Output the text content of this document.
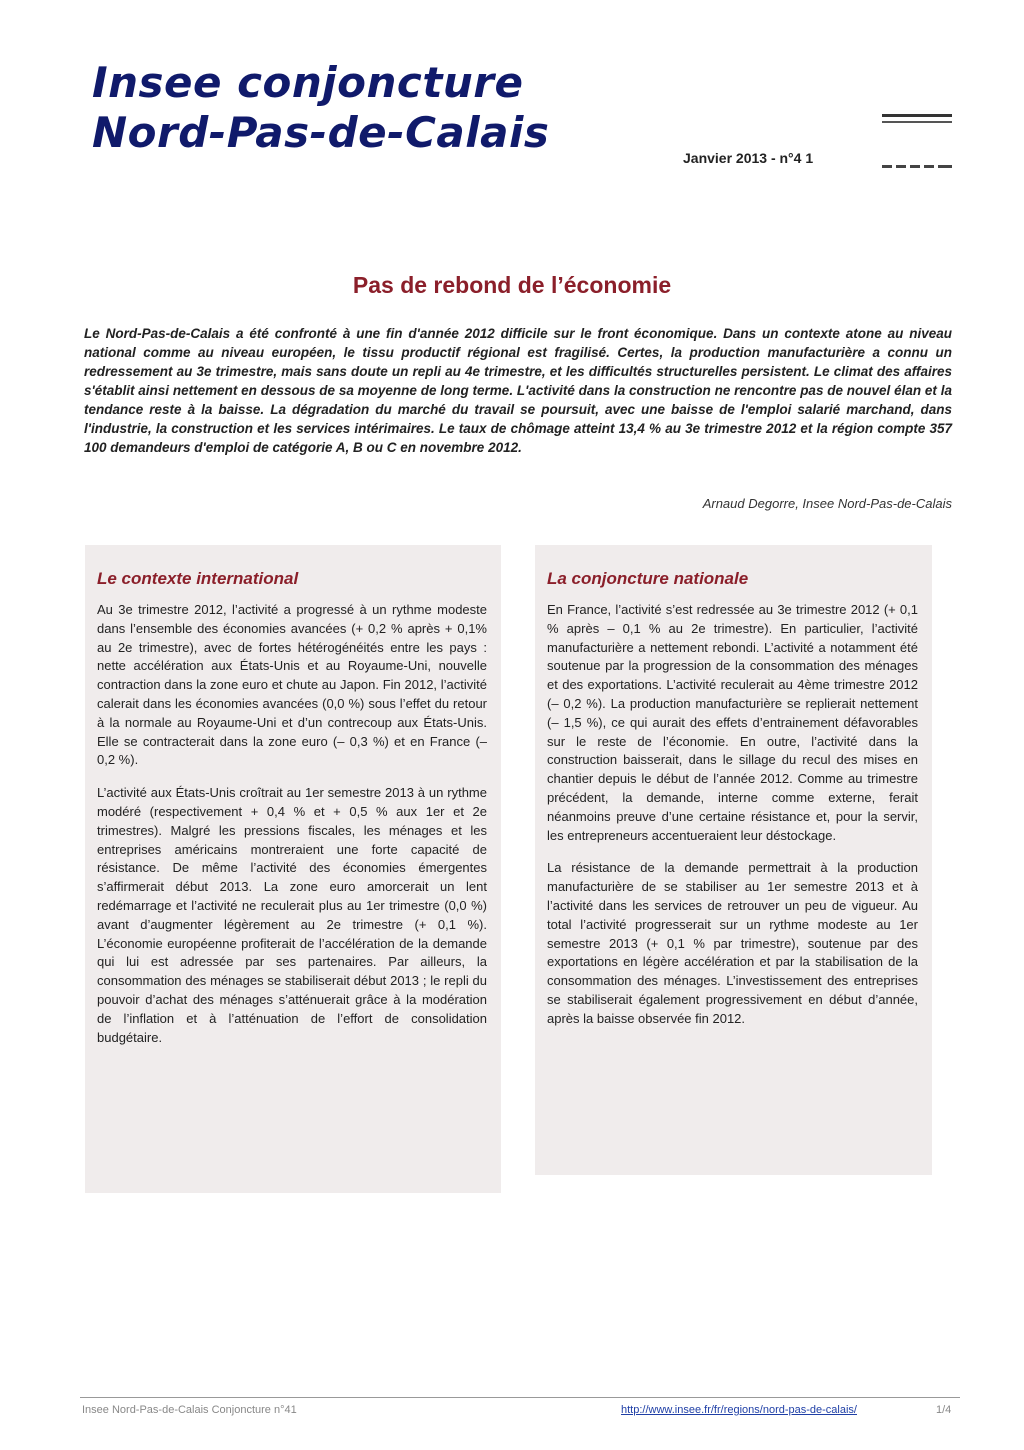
Insee conjoncture
Nord-Pas-de-Calais
Janvier 2013 - n°4 1
Pas de rebond de l’économie
Le Nord-Pas-de-Calais a été confronté à une fin d'année 2012 difficile sur le front économique. Dans un contexte atone au niveau national comme au niveau européen, le tissu productif régional est fragilisé. Certes, la production manufacturière a connu un redressement au 3e trimestre, mais sans doute un repli au 4e trimestre, et les difficultés structurelles persistent. Le climat des affaires s'établit ainsi nettement en dessous de sa moyenne de long terme. L'activité dans la construction ne rencontre pas de nouvel élan et la tendance reste à la baisse. La dégradation du marché du travail se poursuit, avec une baisse de l'emploi salarié marchand, dans l'industrie, la construction et les services intérimaires. Le taux de chômage atteint 13,4 % au 3e trimestre 2012 et la région compte 357 100 demandeurs d'emploi de catégorie A, B ou C en novembre 2012.
Arnaud Degorre, Insee Nord-Pas-de-Calais
Le contexte international

Au 3e trimestre 2012, l’activité a progressé à un rythme modeste dans l’ensemble des économies avancées (+ 0,2 % après + 0,1% au 2e trimestre), avec de fortes hétérogénéités entre les pays : nette accélération aux États-Unis et au Royaume-Uni, nouvelle contraction dans la zone euro et chute au Japon. Fin 2012, l’activité calerait dans les économies avancées (0,0 %) sous l’effet du retour à la normale au Royaume-Uni et d’un contrecoup aux États-Unis. Elle se contracterait dans la zone euro (– 0,3 %) et en France (– 0,2 %).

L’activité aux États-Unis croîtrait au 1er semestre 2013 à un rythme modéré (respectivement + 0,4 % et + 0,5 % aux 1er et 2e trimestres). Malgré les pressions fiscales, les ménages et les entreprises américains montreraient une forte capacité de résistance. De même l’activité des économies émergentes s’affirmerait début 2013. La zone euro amorcerait un lent redémarrage et l’activité ne reculerait plus au 1er trimestre (0,0 %) avant d’augmenter légèrement au 2e trimestre (+ 0,1 %). L’économie européenne profiterait de l’accélération de la demande qui lui est adressée par ses partenaires. Par ailleurs, la consommation des ménages se stabiliserait début 2013 ; le repli du pouvoir d’achat des ménages s’atténuerait grâce à la modération de l’inflation et à l’atténuation de l’effort de consolidation budgétaire.

La conjoncture nationale

En France, l’activité s’est redressée au 3e trimestre 2012 (+ 0,1 % après – 0,1 % au 2e trimestre). En particulier, l’activité manufacturière a nettement rebondi. L’activité a notamment été soutenue par la progression de la consommation des ménages et des exportations. L’activité reculerait au 4ème trimestre 2012 (– 0,2 %). La production manufacturière se replierait nettement (– 1,5 %), ce qui aurait des effets d’entrainement défavorables sur le reste de l’économie. En outre, l’activité dans la construction baisserait, dans le sillage du recul des mises en chantier depuis le début de l’année 2012. Comme au trimestre précédent, la demande, interne comme externe, ferait néanmoins preuve d’une certaine résistance et, pour la servir, les entrepreneurs accentueraient leur déstockage.

La résistance de la demande permettrait à la production manufacturière de se stabiliser au 1er semestre 2013 et à l’activité dans les services de retrouver un peu de vigueur. Au total l’activité progresserait sur un rythme modeste au 1er semestre 2013 (+ 0,1 % par trimestre), soutenue par des exportations en légère accélération et par la stabilisation de la consommation des ménages. L’investissement des entreprises se stabiliserait également progressivement en début d’année, après la baisse observée fin 2012.

Insee Nord-Pas-de-Calais Conjoncture n°41	http://www.insee.fr/fr/regions/nord-pas-de-calais/	1/4
